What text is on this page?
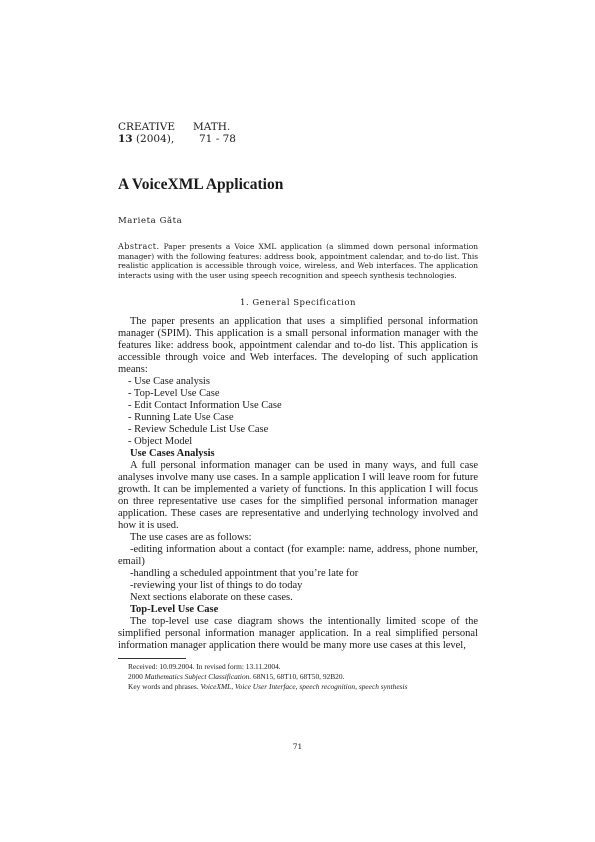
CREATIVE	MATH.
13 (2004),	71 - 78
A VoiceXML Application
Marieta Găta
Abstract. Paper presents a Voice XML application (a slimmed down personal information manager) with the following features: address book, appointment calendar, and to-do list. This realistic application is accessible through voice, wireless, and Web interfaces. The application interacts using with the user using speech recognition and speech synthesis technologies.
1. General Specification

The paper presents an application that uses a simplified personal information manager (SPIM). This application is a small personal information manager with the features like: address book, appointment calendar and to-do list. This application is accessible through voice and Web interfaces. The developing of such application means:

- Use Case analysis

- Top-Level Use Case

- Edit Contact Information Use Case

- Running Late Use Case

- Review Schedule List Use Case

- Object Model

Use Cases Analysis

A full personal information manager can be used in many ways, and full case analyses involve many use cases. In a sample application I will leave room for future growth. It can be implemented a variety of functions. In this application I will focus on three representative use cases for the simplified personal information manager application. These cases are representative and underlying technology involved and how it is used.

The use cases are as follows:

-editing information about a contact (for example: name, address, phone number, email)

-handling a scheduled appointment that you’re late for

-reviewing your list of things to do today

Next sections elaborate on these cases.

Top-Level Use Case

The top-level use case diagram shows the intentionally limited scope of the simplified personal information manager application. In a real simplified personal information manager application there would be many more use cases at this level,

Received: 10.09.2004. In revised form: 13.11.2004.

2000 Mathematics Subject Classification. 68N15, 68T10, 68T50, 92B20.

Key words and phrases. VoiceXML, Voice User Interface, speech recognition, speech synthesis

71
